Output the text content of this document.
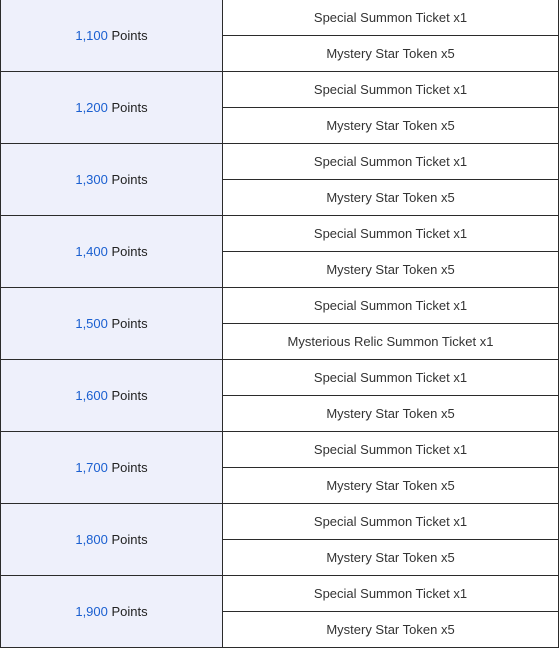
1,100 Points	Special Summon Ticket x1
	Mystery Star Token x5
1,200 Points	Special Summon Ticket x1
	Mystery Star Token x5
1,300 Points	Special Summon Ticket x1
	Mystery Star Token x5
1,400 Points	Special Summon Ticket x1
	Mystery Star Token x5
1,500 Points	Special Summon Ticket x1
	Mysterious Relic Summon Ticket x1
1,600 Points	Special Summon Ticket x1
	Mystery Star Token x5
1,700 Points	Special Summon Ticket x1
	Mystery Star Token x5
1,800 Points	Special Summon Ticket x1
	Mystery Star Token x5
1,900 Points	Special Summon Ticket x1
	Mystery Star Token x5
